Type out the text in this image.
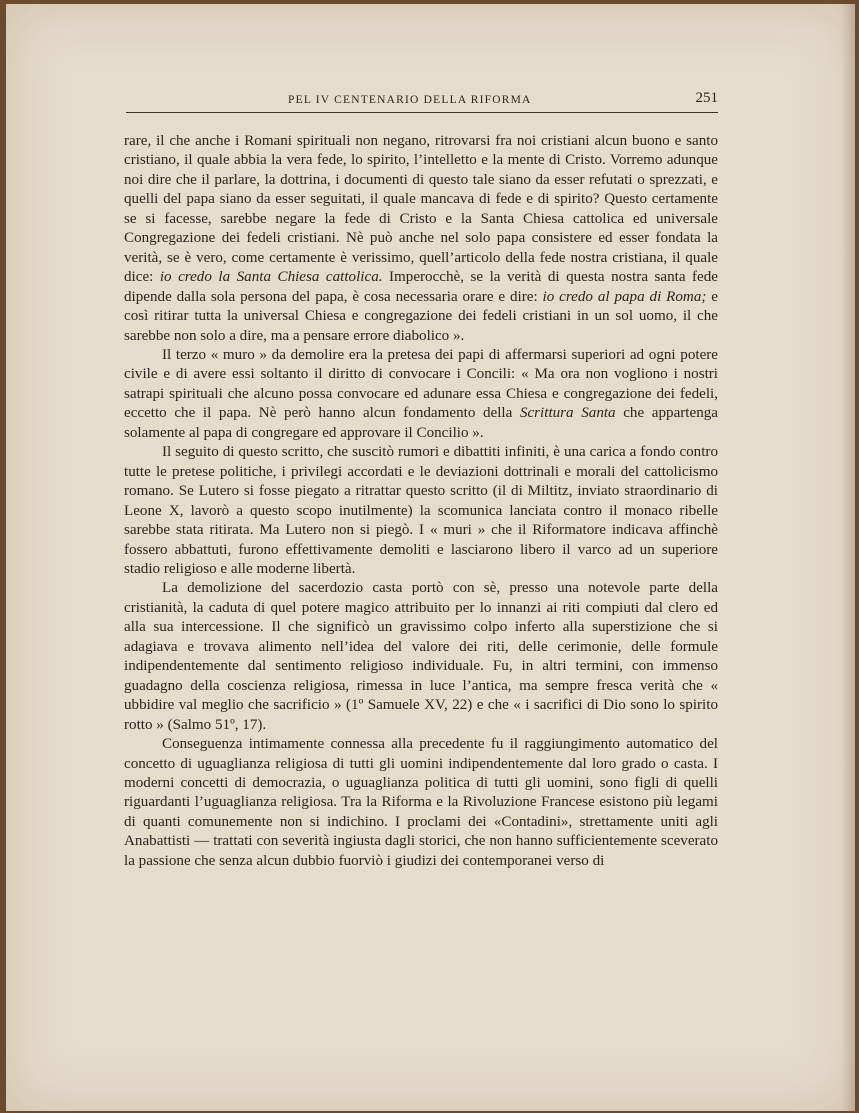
PEL IV CENTENARIO DELLA RIFORMA	251

rare, il che anche i Romani spirituali non negano, ritrovarsi fra noi cristiani alcun buono e santo cristiano, il quale abbia la vera fede, lo spirito, l’intelletto e la mente di Cristo. Vorremo adunque noi dire che il parlare, la dottrina, i documenti di questo tale siano da esser refutati o sprezzati, e quelli del papa siano da esser seguitati, il quale mancava di fede e di spirito? Questo certamente se si facesse, sarebbe negare la fede di Cristo e la Santa Chiesa cattolica ed universale Congregazione dei fedeli cristiani. Nè può anche nel solo papa consistere ed esser fondata la verità, se è vero, come certamente è verissimo, quell’articolo della fede nostra cristiana, il quale dice: io credo la Santa Chiesa cattolica. Imperocchè, se la verità di questa nostra santa fede dipende dalla sola persona del papa, è cosa necessaria orare e dire: io credo al papa di Roma; e così ritirar tutta la universal Chiesa e congregazione dei fedeli cristiani in un sol uomo, il che sarebbe non solo a dire, ma a pensare errore diabolico ».

Il terzo « muro » da demolire era la pretesa dei papi di affermarsi superiori ad ogni potere civile e di avere essi soltanto il diritto di convocare i Concili: « Ma ora non vogliono i nostri satrapi spirituali che alcuno possa convocare ed adunare essa Chiesa e congregazione dei fedeli, eccetto che il papa. Nè però hanno alcun fondamento della Scrittura Santa che appartenga solamente al papa di congregare ed approvare il Concilio ».

Il seguito di questo scritto, che suscitò rumori e dibattiti infiniti, è una carica a fondo contro tutte le pretese politiche, i privilegi accordati e le deviazioni dottrinali e morali del cattolicismo romano. Se Lutero si fosse piegato a ritrattar questo scritto (il di Miltitz, inviato straordinario di Leone X, lavorò a questo scopo inutilmente) la scomunica lanciata contro il monaco ribelle sarebbe stata ritirata. Ma Lutero non si piegò. I « muri » che il Riformatore indicava affinchè fossero abbattuti, furono effettivamente demoliti e lasciarono libero il varco ad un superiore stadio religioso e alle moderne libertà.

La demolizione del sacerdozio casta portò con sè, presso una notevole parte della cristianità, la caduta di quel potere magico attribuito per lo innanzi ai riti compiuti dal clero ed alla sua intercessione. Il che significò un gravissimo colpo inferto alla superstizione che si adagiava e trovava alimento nell’idea del valore dei riti, delle cerimonie, delle formule indipendentemente dal sentimento religioso individuale. Fu, in altri termini, con immenso guadagno della coscienza religiosa, rimessa in luce l’antica, ma sempre fresca verità che « ubbidire val meglio che sacrificio » (1º Samuele XV, 22) e che « i sacrifici di Dio sono lo spirito rotto » (Salmo 51º, 17).

Conseguenza intimamente connessa alla precedente fu il raggiungimento automatico del concetto di uguaglianza religiosa di tutti gli uomini indipendentemente dal loro grado o casta. I moderni concetti di democrazia, o uguaglianza politica di tutti gli uomini, sono figli di quelli riguardanti l’uguaglianza religiosa. Tra la Riforma e la Rivoluzione Francese esistono più legami di quanti comunemente non si indichino. I proclami dei «Contadini», strettamente uniti agli Anabattisti — trattati con severità ingiusta dagli storici, che non hanno sufficientemente sceverato la passione che senza alcun dubbio fuorviò i giudizi dei contemporanei verso di
